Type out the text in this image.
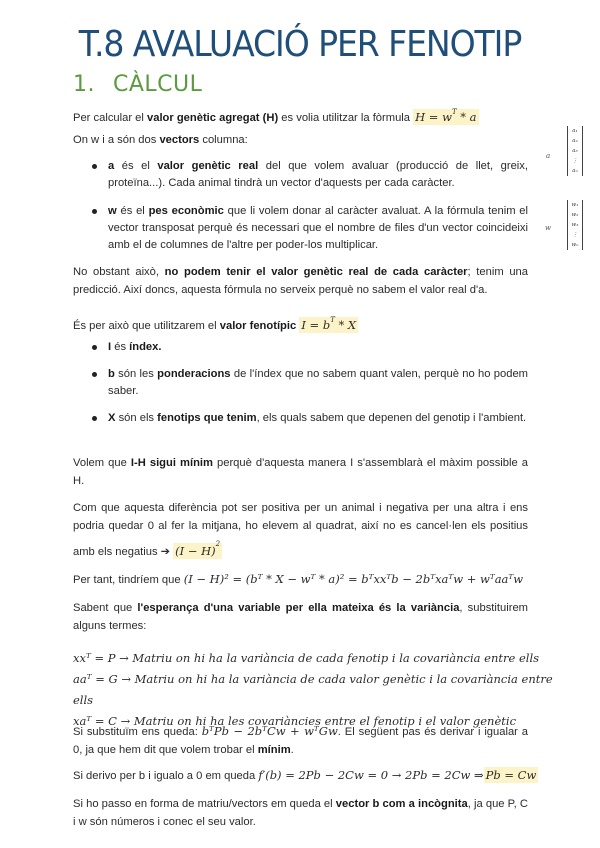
T.8 AVALUACIÓ PER FENOTIP
1. CÀLCUL
Per calcular el valor genètic agregat (H) es volia utilitzar la fòrmula $H = w^T * a$
On w i a són dos vectors columna:
a és el valor genètic real del que volem avaluar (producció de llet, greix, proteïna...). Cada animal tindrà un vector d'aquests per cada caràcter.
w és el pes econòmic que li volem donar al caràcter avaluat. A la fórmula tenim el vector transposat perquè és necessari que el nombre de files d'un vector coincideixi amb el de columnes de l'altre per poder-los multiplicar.
a
a₁
a₂
a₃
⋮
aₙ
w
w₁
w₂
w₃
⋮
wₙ
No obstant això, no podem tenir el valor genètic real de cada caràcter; tenim una predicció. Així doncs, aquesta fórmula no serveix perquè no sabem el valor real d'a.
És per això que utilitzarem el valor fenotípic $I = b^T * X$
I és índex.
b són les ponderacions de l'índex que no sabem quant valen, perquè no ho podem saber.
X són els fenotips que tenim, els quals sabem que depenen del genotip i l'ambient.
Volem que I-H sigui mínim perquè d'aquesta manera I s'assemblarà el màxim possible a H.
Com que aquesta diferència pot ser positiva per un animal i negativa per una altra i ens podria quedar 0 al fer la mitjana, ho elevem al quadrat, així no es cancel·len els positius amb els negatius ➔ $(I - H)^2$
Per tant, tindríem que (I − H)² = (bᵀ * X − wᵀ * a)² = bᵀxxᵀb − 2bᵀxaᵀw + wᵀaaᵀw
Sabent que l'esperança d'una variable per ella mateixa és la variància, substituirem alguns termes:
xxᵀ = P → Matriu on hi ha la variància de cada fenotip i la covariància entre ells
aaᵀ = G → Matriu on hi ha la variància de cada valor genètic i la covariància entre ells
xaᵀ = C → Matriu on hi ha les covariàncies entre el fenotip i el valor genètic
Si substituïm ens queda: bᵀPb − 2bᵀCw + wᵀGw. El següent pas és derivar i igualar a 0, ja que hem dit que volem trobar el mínim.
Si derivo per b i igualo a 0 em queda f′(b) = 2Pb − 2Cw = 0 → 2Pb = 2Cw ⇒ Pb = Cw
Si ho passo en forma de matriu/vectors em queda el vector b com a incògnita, ja que P, C i w són números i conec el seu valor.
